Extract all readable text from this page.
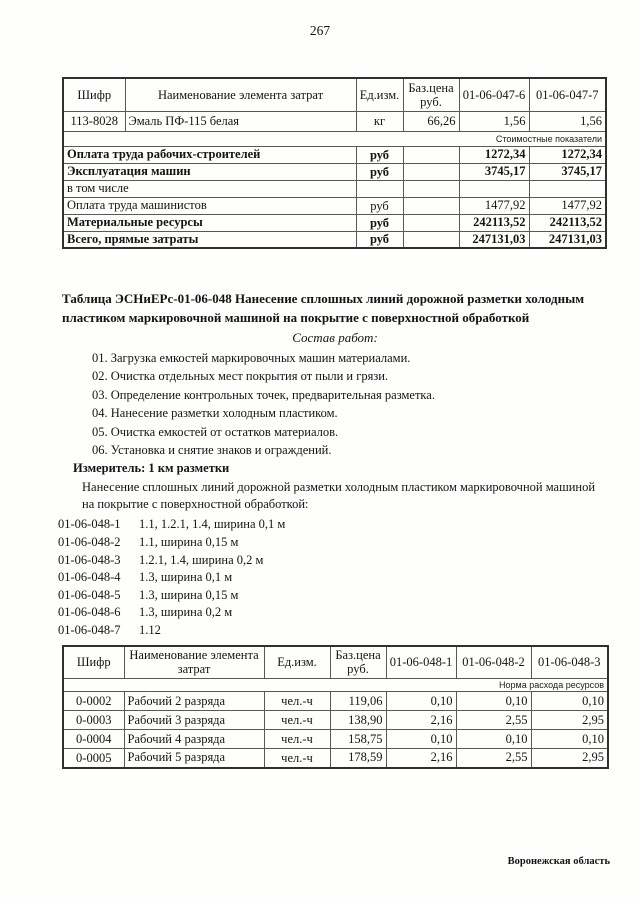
267
Шифр	Наименование элемента затрат	Ед.изм.	Баз.цена руб.	01-06-047-6	01-06-047-7
113-8028	Эмаль ПФ-115 белая	кг	66,26	1,56	1,56
Стоимостные показатели					
Оплата труда рабочих-строителей		руб		1272,34	1272,34
Эксплуатация машин		руб		3745,17	3745,17
в том числе					
Оплата труда машинистов		руб		1477,92	1477,92
Материальные ресурсы		руб		242113,52	242113,52
Всего, прямые затраты		руб		247131,03	247131,03
Таблица ЭСНиЕРс-01-06-048 Нанесение сплошных линий дорожной разметки холодным пластиком маркировочной машиной на покрытие с поверхностной обработкой
Состав работ:
01. Загрузка емкостей маркировочных машин материалами.
02. Очистка отдельных мест покрытия от пыли и грязи.
03. Определение контрольных точек, предварительная разметка.
04. Нанесение разметки холодным пластиком.
05. Очистка емкостей от остатков материалов.
06. Установка и снятие знаков и ограждений.
Измеритель: 1 км разметки
Нанесение сплошных линий дорожной разметки холодным пластиком маркировочной машиной на покрытие с поверхностной обработкой:
01-06-048-1 1.1, 1.2.1, 1.4, ширина 0,1 м
01-06-048-2 1.1, ширина 0,15 м
01-06-048-3 1.2.1, 1.4, ширина 0,2 м
01-06-048-4 1.3, ширина 0,1 м
01-06-048-5 1.3, ширина 0,15 м
01-06-048-6 1.3, ширина 0,2 м
01-06-048-7 1.12
Шифр	Наименование элемента затрат	Ед.изм.	Баз.цена руб.	01-06-048-1	01-06-048-2	01-06-048-3
Норма расхода ресурсов						
0-0002	Рабочий 2 разряда	чел.-ч	119,06	0,10	0,10	0,10
0-0003	Рабочий 3 разряда	чел.-ч	138,90	2,16	2,55	2,95
0-0004	Рабочий 4 разряда	чел.-ч	158,75	0,10	0,10	0,10
0-0005	Рабочий 5 разряда	чел.-ч	178,59	2,16	2,55	2,95
Воронежская область
